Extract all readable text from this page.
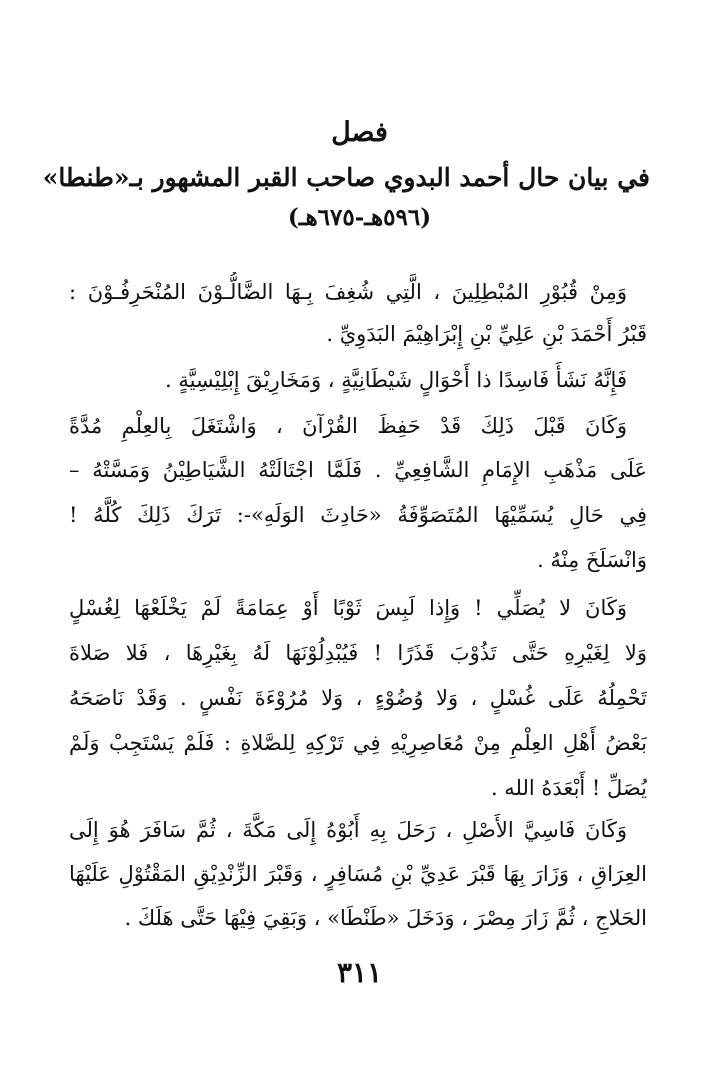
فصل
في بيان حال أحمد البدوي صاحب القبر المشهور بـ«طنطا»
(٥٩٦هـ-٦٧٥هـ)
وَمِنْ قُبُوْرِ المُبْطِلِينَ ، الَّتِي شُغِفَ بِـهَا الضَّالُّـوْنَ المُنْحَرِفُـوْنَ :
قَبْرُ أَحْمَدَ بْنِ عَلِيِّ بْنِ إِبْرَاهِيْمَ البَدَوِيِّ .
فَإِنَّهُ نَشَأَ فَاسِدًا ذا أَحْوَالٍ شَيْطَانِيَّةٍ ، وَمَخَارِيْقَ إِبْلِيْسِيَّةٍ .
وَكَانَ قَبْلَ ذَلِكَ قَدْ حَفِظَ القُرْآنَ ، وَاشْتَغَلَ بِالعِلْمِ مُدَّةً
عَلَى مَذْهَبِ الإِمَامِ الشَّافِعِيِّ . فَلَمَّا اجْتَالَتْهُ الشَّيَاطِيْنُ وَمَسَّتْهُ –
فِي حَالِ يُسَمِّيْهَا المُتَصَوِّفَةُ «حَادِثَ الوَلَهِ»-: تَرَكَ ذَلِكَ كُلَّهُ !
وَانْسَلَخَ مِنْهُ .
وَكَانَ لا يُصَلِّي ! وَإِذا لَبِسَ ثَوْبًا أَوْ عِمَامَةً لَمْ يَخْلَعْهَا لِغُسْلٍ
وَلا لِغَيْرِهِ حَتَّى تَذُوْبَ قَذَرًا ! فَيُبْدِلُوْنَهَا لَهُ بِغَيْرِهَا ، فَلا صَلاةَ
تَحْمِلُهُ عَلَى غُسْلٍ ، وَلا وُضُوْءٍ ، وَلا مُرُوْءَةَ نَفْسٍ . وَقَدْ نَاصَحَهُ
بَعْضُ أَهْلِ العِلْمِ مِنْ مُعَاصِرِيْهِ فِي تَرْكِهِ لِلصَّلاةِ : فَلَمْ يَسْتَجِبْ وَلَمْ
يُصَلِّ ! أَبْعَدَهُ الله .
وَكَانَ فَاسِيَّ الأَصْلِ ، رَحَلَ بِهِ أَبُوْهُ إِلَى مَكَّةَ ، ثُمَّ سَافَرَ هُوَ إِلَى
العِرَاقِ ، وَزَارَ بِهَا قَبْرَ عَدِيِّ بْنِ مُسَافِرٍ ، وَقَبْرَ الزِّنْدِيْقِ المَقْتُوْلِ عَلَيْهَا
الحَلاجِ ، ثُمَّ زَارَ مِصْرَ ، وَدَخَلَ «طَنْطَا» ، وَبَقِيَ فِيْهَا حَتَّى هَلَكَ .
٣١١
